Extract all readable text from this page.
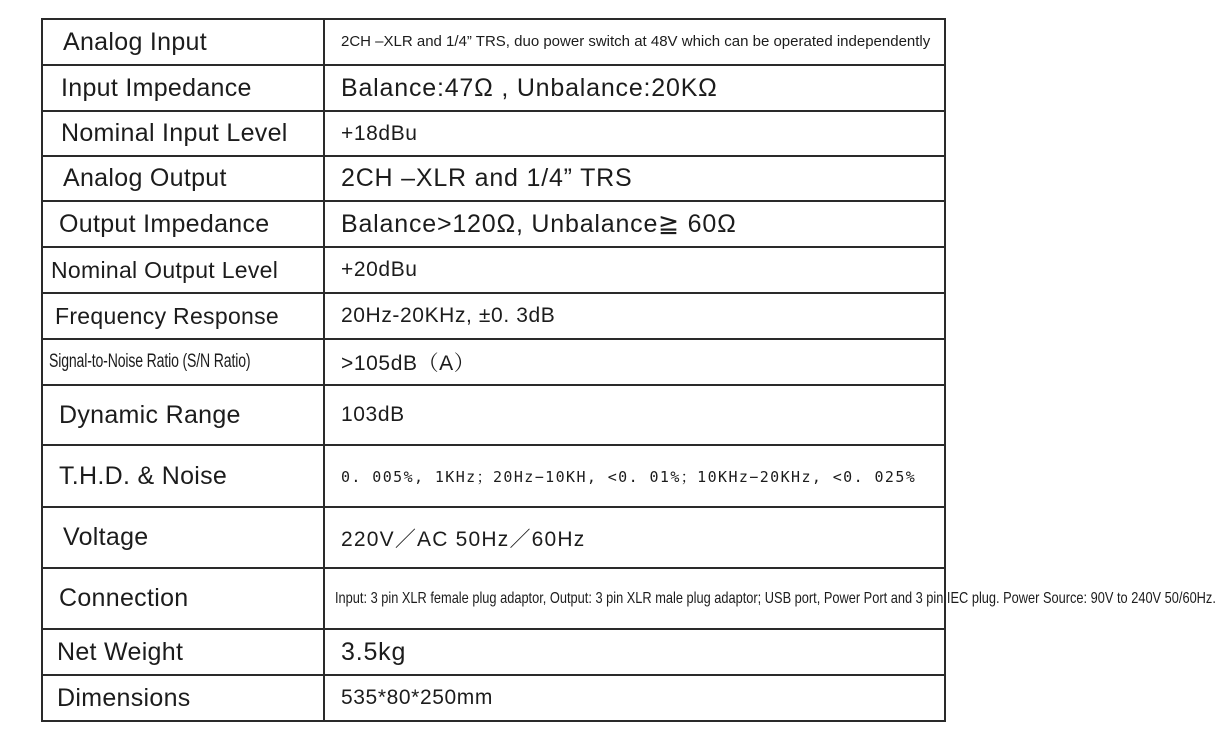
Analog Input	2CH –XLR and 1/4” TRS, duo power switch at 48V which can be operated independently

Input Impedance	Balance:47Ω , Unbalance:20KΩ
Nominal Input Level	+18dBu
Analog Output	2CH –XLR and 1/4” TRS
Output Impedance	Balance>120Ω, Unbalance≧ 60Ω
Nominal Output Level	+20dBu
Frequency Response	20Hz-20KHz, ±0. 3dB
Signal-to-Noise Ratio (S/N Ratio)	>105dB（A）
Dynamic Range	103dB
T.H.D. & Noise	0. 005%, 1KHz；20Hz−10KH, <0. 01%；10KHz−20KHz, <0. 025%
Voltage	220V／AC 50Hz／60Hz
Connection	Input: 3 pin XLR female plug adaptor, Output: 3 pin XLR male plug adaptor; USB port, Power Port and 3 pin IEC plug. Power Source: 90V to 240V 50/60Hz.

Net Weight	3.5kg
Dimensions	535*80*250mm
